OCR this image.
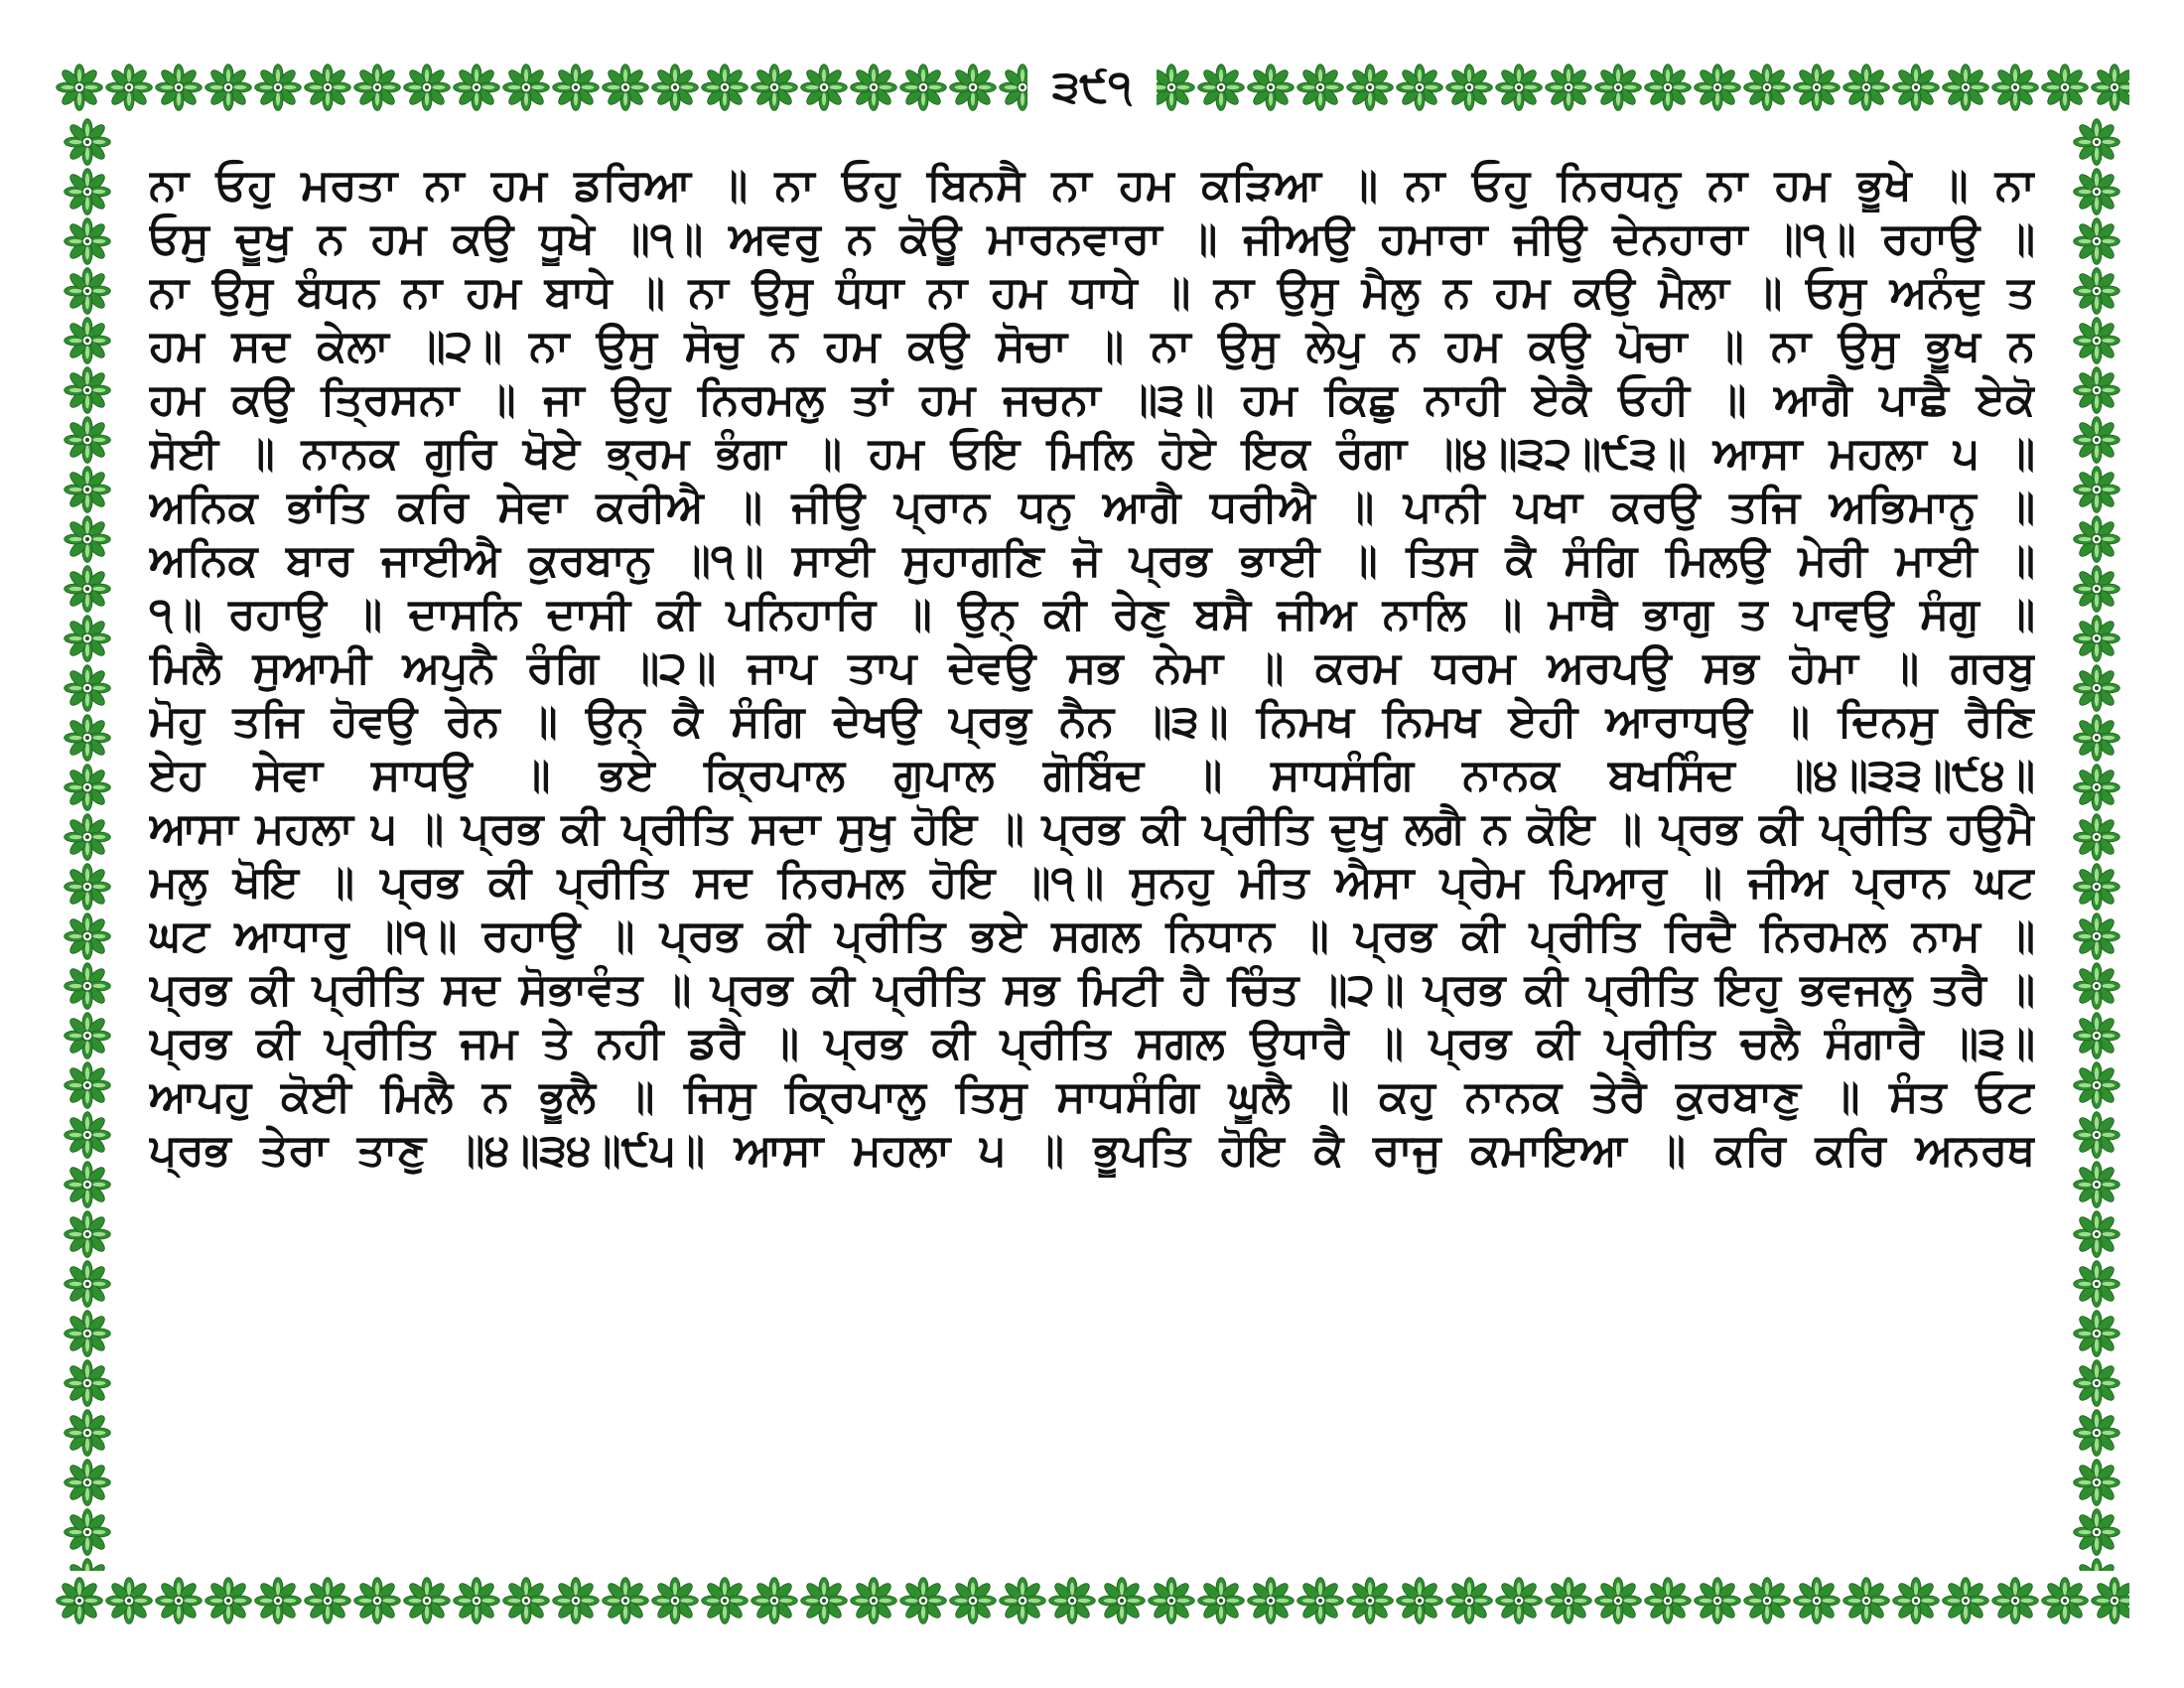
੩੯੧
ਨਾ ਓਹੁ ਮਰਤਾ ਨਾ ਹਮ ਡਰਿਆ ॥ ਨਾ ਓਹੁ ਬਿਨਸੈ ਨਾ ਹਮ ਕੜਿਆ ॥ ਨਾ ਓਹੁ ਨਿਰਧਨੁ ਨਾ ਹਮ ਭੂਖੇ ॥ ਨਾ
ਓਸੁ ਦੂਖੁ ਨ ਹਮ ਕਉ ਧੂਖੇ ॥੧॥ ਅਵਰੁ ਨ ਕੋਊ ਮਾਰਨਵਾਰਾ ॥ ਜੀਅਉ ਹਮਾਰਾ ਜੀਉ ਦੇਨਹਾਰਾ ॥੧॥ ਰਹਾਉ ॥
ਨਾ ਉਸੁ ਬੰਧਨ ਨਾ ਹਮ ਬਾਧੇ ॥ ਨਾ ਉਸੁ ਧੰਧਾ ਨਾ ਹਮ ਧਾਧੇ ॥ ਨਾ ਉਸੁ ਮੈਲੁ ਨ ਹਮ ਕਉ ਮੈਲਾ ॥ ਓਸੁ ਅਨੰਦੁ ਤ
ਹਮ ਸਦ ਕੇਲਾ ॥੨॥ ਨਾ ਉਸੁ ਸੋਚੁ ਨ ਹਮ ਕਉ ਸੋਚਾ ॥ ਨਾ ਉਸੁ ਲੇਪੁ ਨ ਹਮ ਕਉ ਪੋਚਾ ॥ ਨਾ ਉਸੁ ਭੂਖ ਨ
ਹਮ ਕਉ ਤ੍ਰਿਸਨਾ ॥ ਜਾ ਉਹੁ ਨਿਰਮਲੁ ਤਾਂ ਹਮ ਜਚਨਾ ॥੩॥ ਹਮ ਕਿਛੁ ਨਾਹੀ ਏਕੈ ਓਹੀ ॥ ਆਗੈ ਪਾਛੈ ਏਕੋ
ਸੋਈ ॥ ਨਾਨਕ ਗੁਰਿ ਖੋਏ ਭ੍ਰਮ ਭੰਗਾ ॥ ਹਮ ਓਇ ਮਿਲਿ ਹੋਏ ਇਕ ਰੰਗਾ ॥੪॥੩੨॥੯੩॥ ਆਸਾ ਮਹਲਾ ੫ ॥
ਅਨਿਕ ਭਾਂਤਿ ਕਰਿ ਸੇਵਾ ਕਰੀਐ ॥ ਜੀਉ ਪ੍ਰਾਨ ਧਨੁ ਆਗੈ ਧਰੀਐ ॥ ਪਾਨੀ ਪਖਾ ਕਰਉ ਤਜਿ ਅਭਿਮਾਨੁ ॥
ਅਨਿਕ ਬਾਰ ਜਾਈਐ ਕੁਰਬਾਨੁ ॥੧॥ ਸਾਈ ਸੁਹਾਗਣਿ ਜੋ ਪ੍ਰਭ ਭਾਈ ॥ ਤਿਸ ਕੈ ਸੰਗਿ ਮਿਲਉ ਮੇਰੀ ਮਾਈ ॥
੧॥ ਰਹਾਉ ॥ ਦਾਸਨਿ ਦਾਸੀ ਕੀ ਪਨਿਹਾਰਿ ॥ ਉਨ੍ ਕੀ ਰੇਣੁ ਬਸੈ ਜੀਅ ਨਾਲਿ ॥ ਮਾਥੈ ਭਾਗੁ ਤ ਪਾਵਉ ਸੰਗੁ ॥
ਮਿਲੈ ਸੁਆਮੀ ਅਪੁਨੈ ਰੰਗਿ ॥੨॥ ਜਾਪ ਤਾਪ ਦੇਵਉ ਸਭ ਨੇਮਾ ॥ ਕਰਮ ਧਰਮ ਅਰਪਉ ਸਭ ਹੋਮਾ ॥ ਗਰਬੁ
ਮੋਹੁ ਤਜਿ ਹੋਵਉ ਰੇਨ ॥ ਉਨ੍ ਕੈ ਸੰਗਿ ਦੇਖਉ ਪ੍ਰਭੁ ਨੈਨ ॥੩॥ ਨਿਮਖ ਨਿਮਖ ਏਹੀ ਆਰਾਧਉ ॥ ਦਿਨਸੁ ਰੈਣਿ
ਏਹ ਸੇਵਾ ਸਾਧਉ ॥ ਭਏ ਕ੍ਰਿਪਾਲ ਗੁਪਾਲ ਗੋਬਿੰਦ ॥ ਸਾਧਸੰਗਿ ਨਾਨਕ ਬਖਸਿੰਦ ॥੪॥੩੩॥੯੪॥
ਆਸਾ ਮਹਲਾ ੫ ॥ ਪ੍ਰਭ ਕੀ ਪ੍ਰੀਤਿ ਸਦਾ ਸੁਖੁ ਹੋਇ ॥ ਪ੍ਰਭ ਕੀ ਪ੍ਰੀਤਿ ਦੁਖੁ ਲਗੈ ਨ ਕੋਇ ॥ ਪ੍ਰਭ ਕੀ ਪ੍ਰੀਤਿ ਹਉਮੈ
ਮਲੁ ਖੋਇ ॥ ਪ੍ਰਭ ਕੀ ਪ੍ਰੀਤਿ ਸਦ ਨਿਰਮਲ ਹੋਇ ॥੧॥ ਸੁਨਹੁ ਮੀਤ ਐਸਾ ਪ੍ਰੇਮ ਪਿਆਰੁ ॥ ਜੀਅ ਪ੍ਰਾਨ ਘਟ
ਘਟ ਆਧਾਰੁ ॥੧॥ ਰਹਾਉ ॥ ਪ੍ਰਭ ਕੀ ਪ੍ਰੀਤਿ ਭਏ ਸਗਲ ਨਿਧਾਨ ॥ ਪ੍ਰਭ ਕੀ ਪ੍ਰੀਤਿ ਰਿਦੈ ਨਿਰਮਲ ਨਾਮ ॥
ਪ੍ਰਭ ਕੀ ਪ੍ਰੀਤਿ ਸਦ ਸੋਭਾਵੰਤ ॥ ਪ੍ਰਭ ਕੀ ਪ੍ਰੀਤਿ ਸਭ ਮਿਟੀ ਹੈ ਚਿੰਤ ॥੨॥ ਪ੍ਰਭ ਕੀ ਪ੍ਰੀਤਿ ਇਹੁ ਭਵਜਲੁ ਤਰੈ ॥
ਪ੍ਰਭ ਕੀ ਪ੍ਰੀਤਿ ਜਮ ਤੇ ਨਹੀ ਡਰੈ ॥ ਪ੍ਰਭ ਕੀ ਪ੍ਰੀਤਿ ਸਗਲ ਉਧਾਰੈ ॥ ਪ੍ਰਭ ਕੀ ਪ੍ਰੀਤਿ ਚਲੈ ਸੰਗਾਰੈ ॥੩॥
ਆਪਹੁ ਕੋਈ ਮਿਲੈ ਨ ਭੂਲੈ ॥ ਜਿਸੁ ਕ੍ਰਿਪਾਲੁ ਤਿਸੁ ਸਾਧਸੰਗਿ ਘੂਲੈ ॥ ਕਹੁ ਨਾਨਕ ਤੇਰੈ ਕੁਰਬਾਣੁ ॥ ਸੰਤ ਓਟ
ਪ੍ਰਭ ਤੇਰਾ ਤਾਣੁ ॥੪॥੩੪॥੯੫॥ ਆਸਾ ਮਹਲਾ ੫ ॥ ਭੂਪਤਿ ਹੋਇ ਕੈ ਰਾਜੁ ਕਮਾਇਆ ॥ ਕਰਿ ਕਰਿ ਅਨਰਥ
